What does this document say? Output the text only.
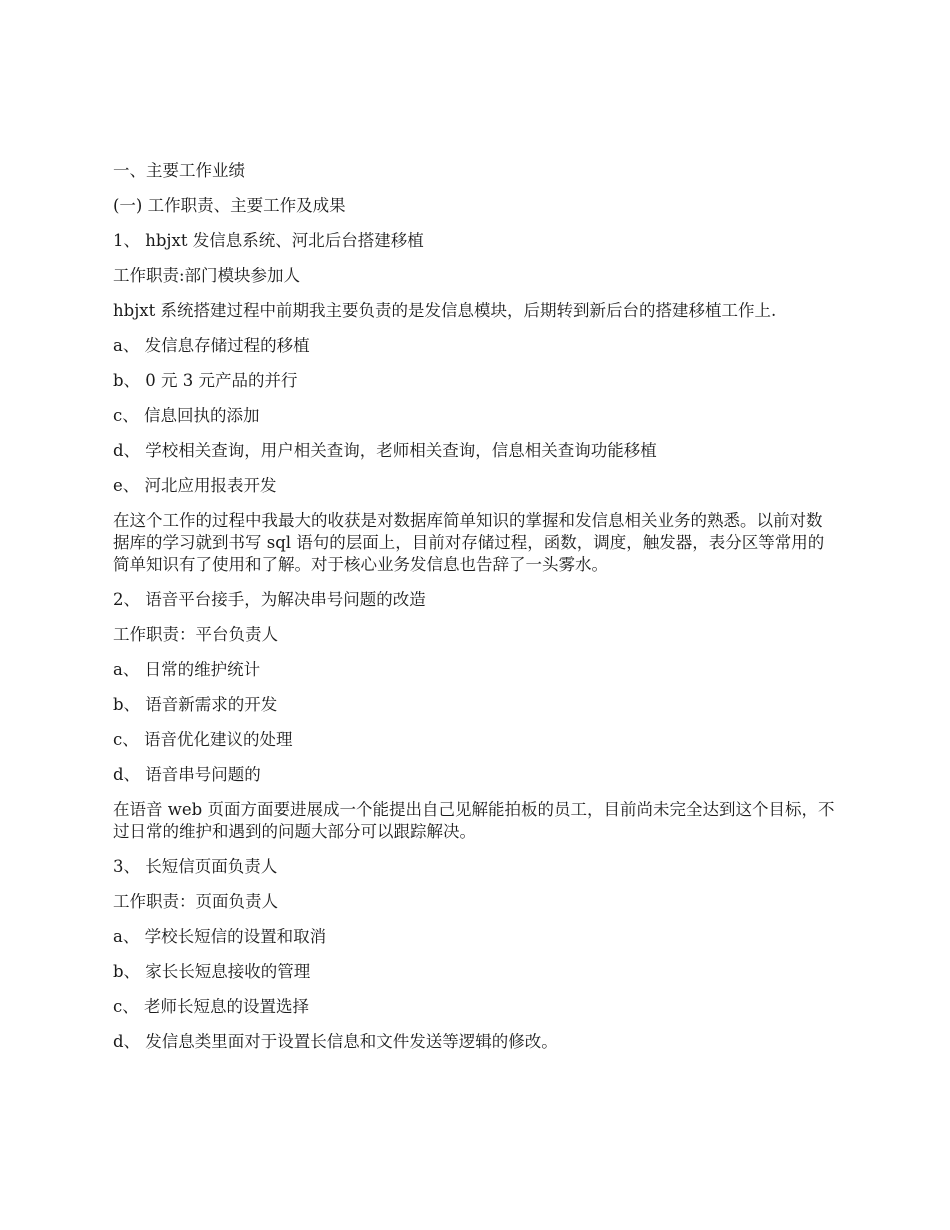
一、主要工作业绩

(一) 工作职责、主要工作及成果

1、 hbjxt 发信息系统、河北后台搭建移植

工作职责:部门模块参加人

hbjxt 系统搭建过程中前期我主要负责的是发信息模块，后期转到新后台的搭建移植工作上.

a、 发信息存储过程的移植

b、 0 元 3 元产品的并行

c、 信息回执的添加

d、 学校相关查询，用户相关查询，老师相关查询，信息相关查询功能移植

e、 河北应用报表开发

在这个工作的过程中我最大的收获是对数据库简单知识的掌握和发信息相关业务的熟悉。以前对数据库的学习就到书写 sql 语句的层面上，目前对存储过程，函数，调度，触发器，表分区等常用的简单知识有了使用和了解。对于核心业务发信息也告辞了一头雾水。

2、 语音平台接手，为解决串号问题的改造

工作职责：平台负责人

a、 日常的维护统计

b、 语音新需求的开发

c、 语音优化建议的处理

d、 语音串号问题的

在语音 web 页面方面要进展成一个能提出自己见解能拍板的员工，目前尚未完全达到这个目标，不过日常的维护和遇到的问题大部分可以跟踪解决。

3、 长短信页面负责人

工作职责：页面负责人

a、 学校长短信的设置和取消

b、 家长长短息接收的管理

c、 老师长短息的设置选择

d、 发信息类里面对于设置长信息和文件发送等逻辑的修改。
